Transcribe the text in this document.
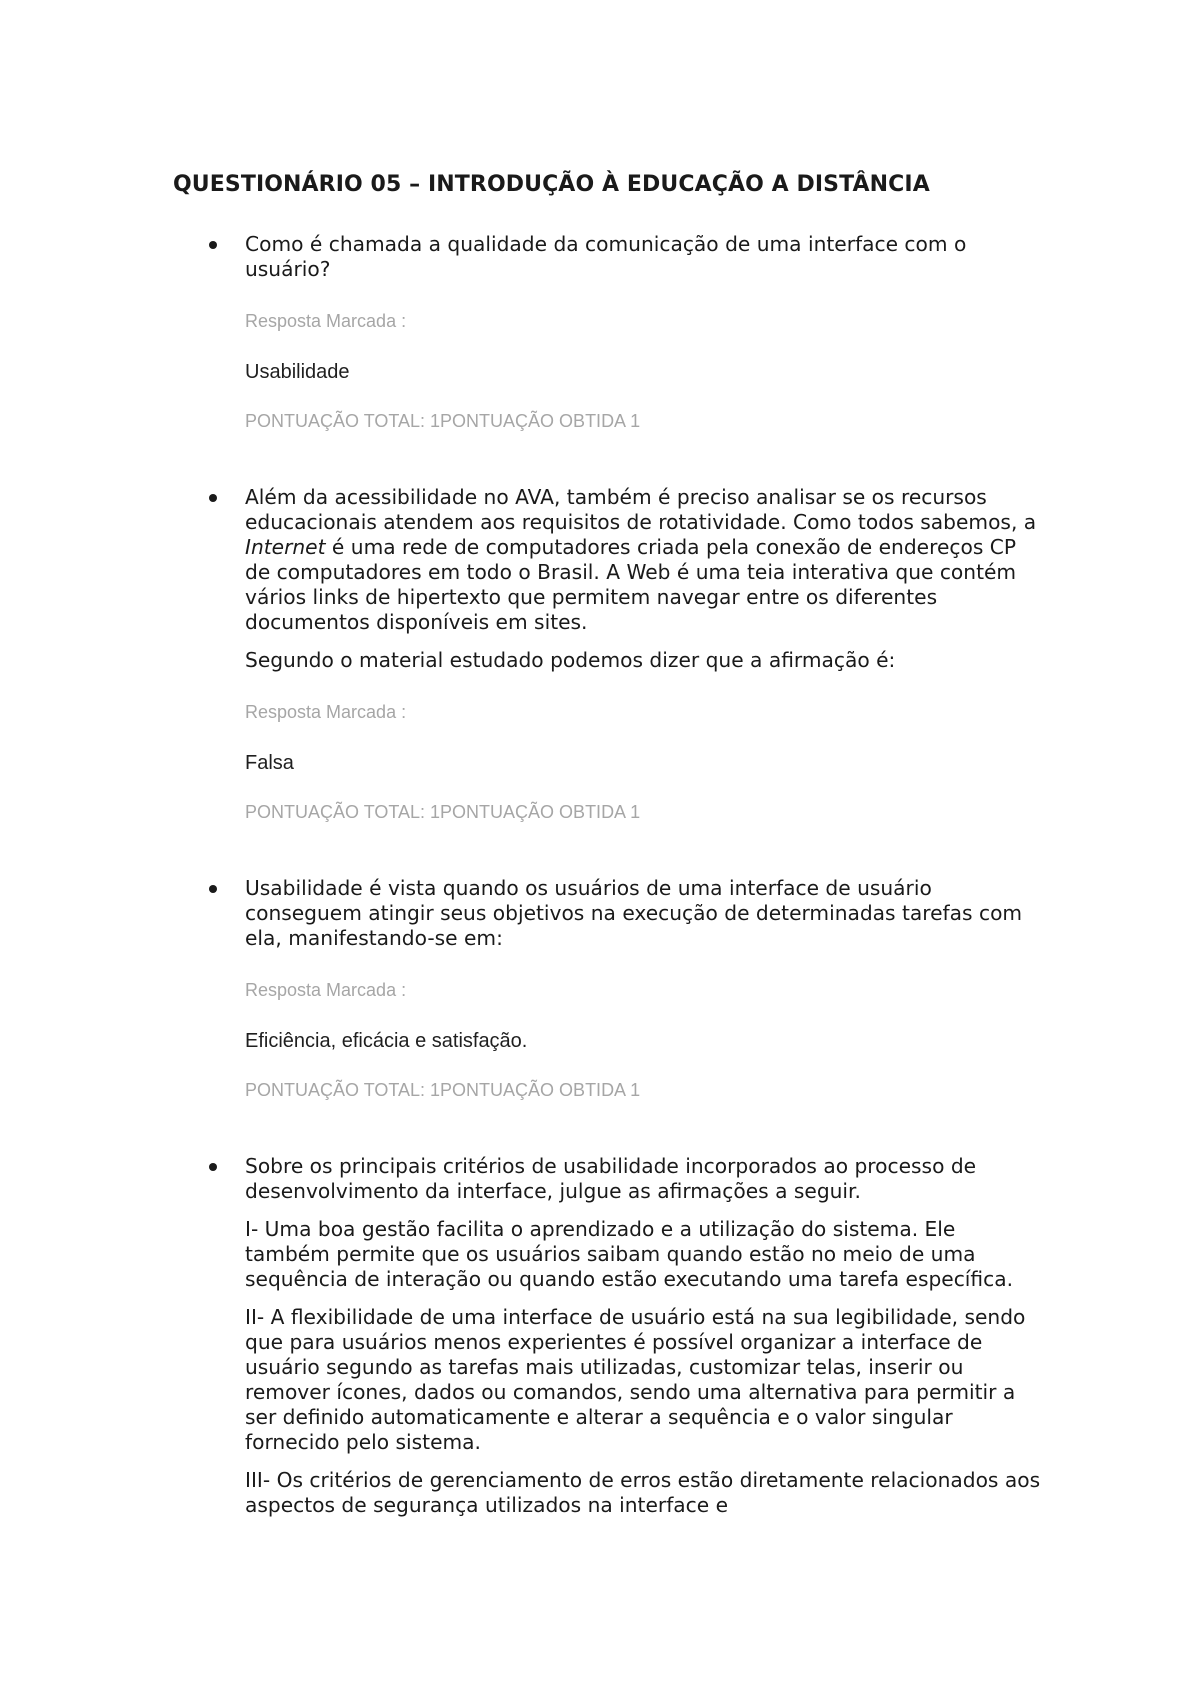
QUESTIONÁRIO 05 – INTRODUÇÃO À EDUCAÇÃO A DISTÂNCIA

Como é chamada a qualidade da comunicação de uma interface com o usuário?

Resposta Marcada :

Usabilidade

PONTUAÇÃO TOTAL: 1PONTUAÇÃO OBTIDA 1

Além da acessibilidade no AVA, também é preciso analisar se os recursos educacionais atendem aos requisitos de rotatividade. Como todos sabemos, a Internet é uma rede de computadores criada pela conexão de endereços CP de computadores em todo o Brasil. A Web é uma teia interativa que contém vários links de hipertexto que permitem navegar entre os diferentes documentos disponíveis em sites.

Segundo o material estudado podemos dizer que a afirmação é:

Resposta Marcada :

Falsa

PONTUAÇÃO TOTAL: 1PONTUAÇÃO OBTIDA 1

Usabilidade é vista quando os usuários de uma interface de usuário conseguem atingir seus objetivos na execução de determinadas tarefas com ela, manifestando-se em:

Resposta Marcada :

Eficiência, eficácia e satisfação.

PONTUAÇÃO TOTAL: 1PONTUAÇÃO OBTIDA 1

Sobre os principais critérios de usabilidade incorporados ao processo de desenvolvimento da interface, julgue as afirmações a seguir.

I- Uma boa gestão facilita o aprendizado e a utilização do sistema. Ele também permite que os usuários saibam quando estão no meio de uma sequência de interação ou quando estão executando uma tarefa específica.

II- A flexibilidade de uma interface de usuário está na sua legibilidade, sendo que para usuários menos experientes é possível organizar a interface de usuário segundo as tarefas mais utilizadas, customizar telas, inserir ou remover ícones, dados ou comandos, sendo uma alternativa para permitir a ser definido automaticamente e alterar a sequência e o valor singular fornecido pelo sistema.

III- Os critérios de gerenciamento de erros estão diretamente relacionados aos aspectos de segurança utilizados na interface e
